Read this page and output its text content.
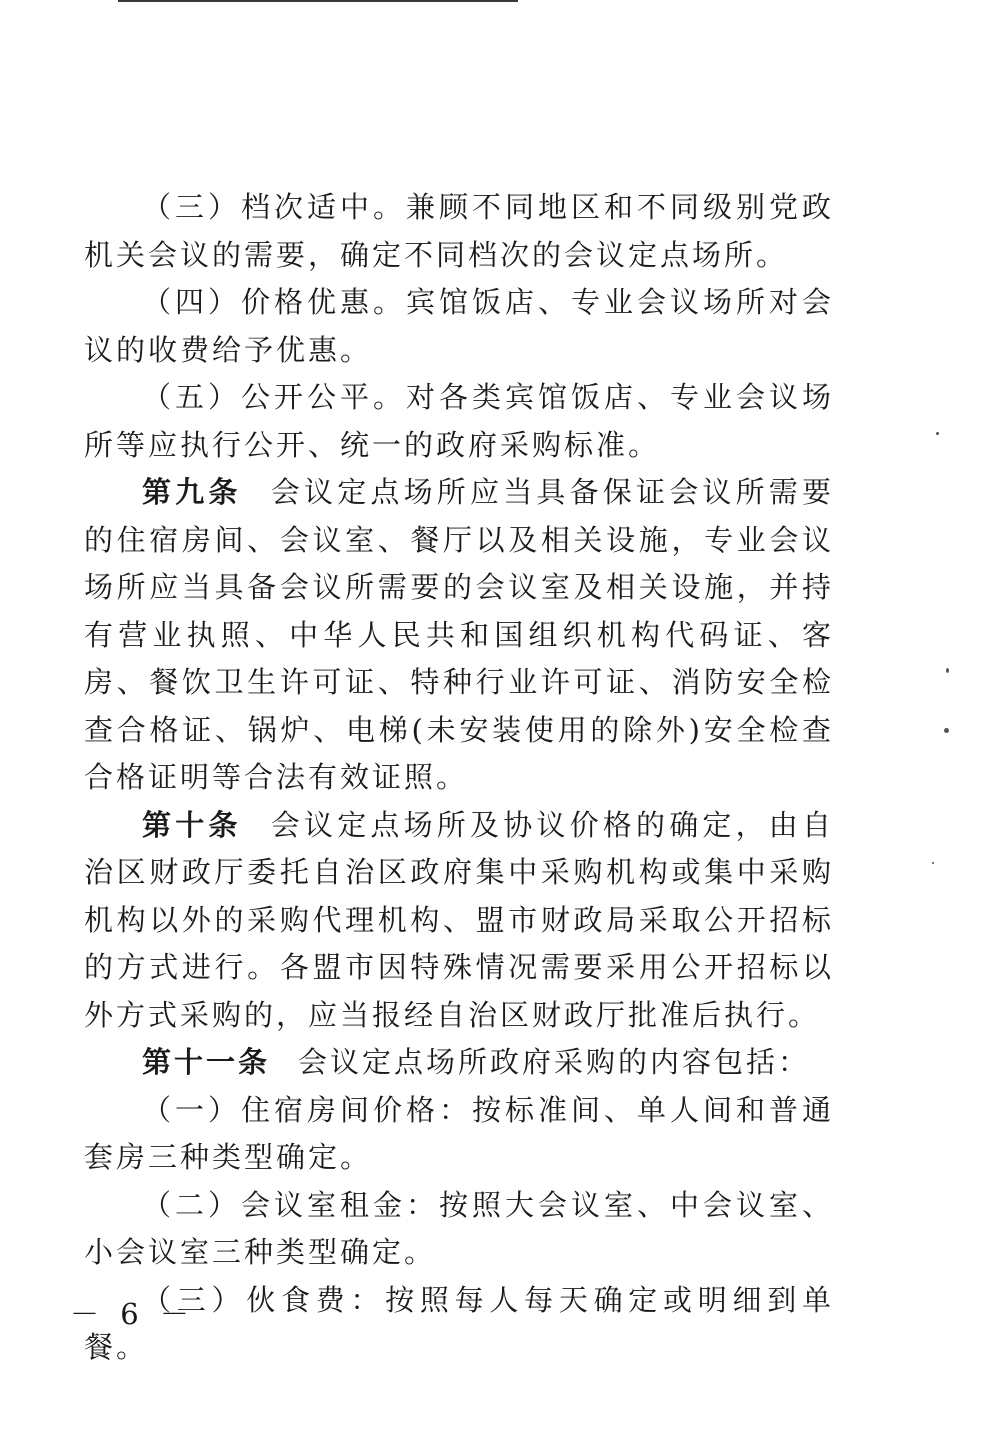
（三）档次适中。兼顾不同地区和不同级别党政机关会议的需要，确定不同档次的会议定点场所。

（四）价格优惠。宾馆饭店、专业会议场所对会议的收费给予优惠。

（五）公开公平。对各类宾馆饭店、专业会议场所等应执行公开、统一的政府采购标准。

第九条 会议定点场所应当具备保证会议所需要的住宿房间、会议室、餐厅以及相关设施，专业会议场所应当具备会议所需要的会议室及相关设施，并持有营业执照、中华人民共和国组织机构代码证、客房、餐饮卫生许可证、特种行业许可证、消防安全检查合格证、锅炉、电梯(未安装使用的除外)安全检查合格证明等合法有效证照。

第十条 会议定点场所及协议价格的确定，由自治区财政厅委托自治区政府集中采购机构或集中采购机构以外的采购代理机构、盟市财政局采取公开招标的方式进行。各盟市因特殊情况需要采用公开招标以外方式采购的，应当报经自治区财政厅批准后执行。

第十一条 会议定点场所政府采购的内容包括：

（一）住宿房间价格：按标准间、单人间和普通套房三种类型确定。

（二）会议室租金：按照大会议室、中会议室、小会议室三种类型确定。

（三）伙食费：按照每人每天确定或明细到单餐。

－ 6 －
